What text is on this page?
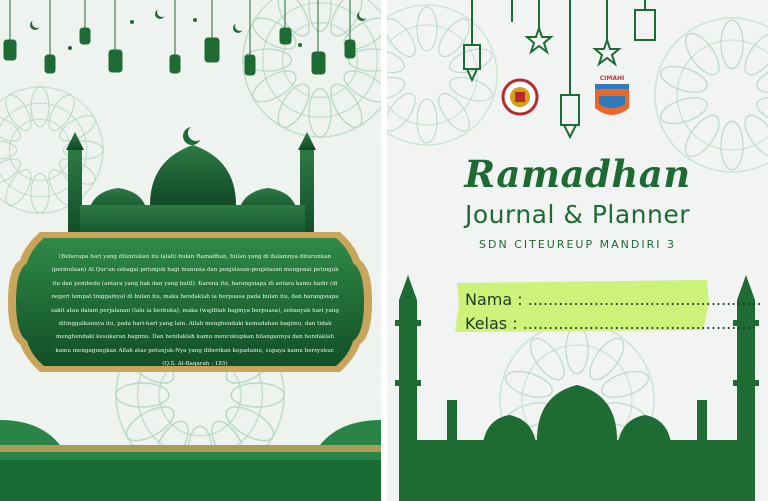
(Beberapa hari yang ditentukan itu ialah) bulan Ramadhan, bulan yang di dalamnya diturunkan (permulaan) Al Qur'an sebagai petunjuk bagi manusia dan penjelasan-penjelasan mengenai petunjuk itu dan pembeda (antara yang hak dan yang batil). Karena itu, barangsiapa di antara kamu hadir (di negeri tempat tinggalnya) di bulan itu, maka hendaklah ia berpuasa pada bulan itu, dan barangsiapa sakit atau dalam perjalanan (lalu ia berbuka), maka (wajiblah baginya berpuasa), sebanyak hari yang ditinggalkannya itu, pada hari-hari yang lain. Allah menghendaki kemudahan bagimu, dan tidak menghendaki kesukaran bagimu. Dan hendaklah kamu mencukupkan bilangannya dan hendaklah kamu mengagungkan Allah atas petunjuk-Nya yang diberikan kepadamu, supaya kamu bersyukur. (Q.S. Al-Baqarah : 185)
CIMAHI
Ramadhan
Journal & Planner
SDN CITEUREUP MANDIRI 3
Nama : ..............................................
Kelas : ..............................................
